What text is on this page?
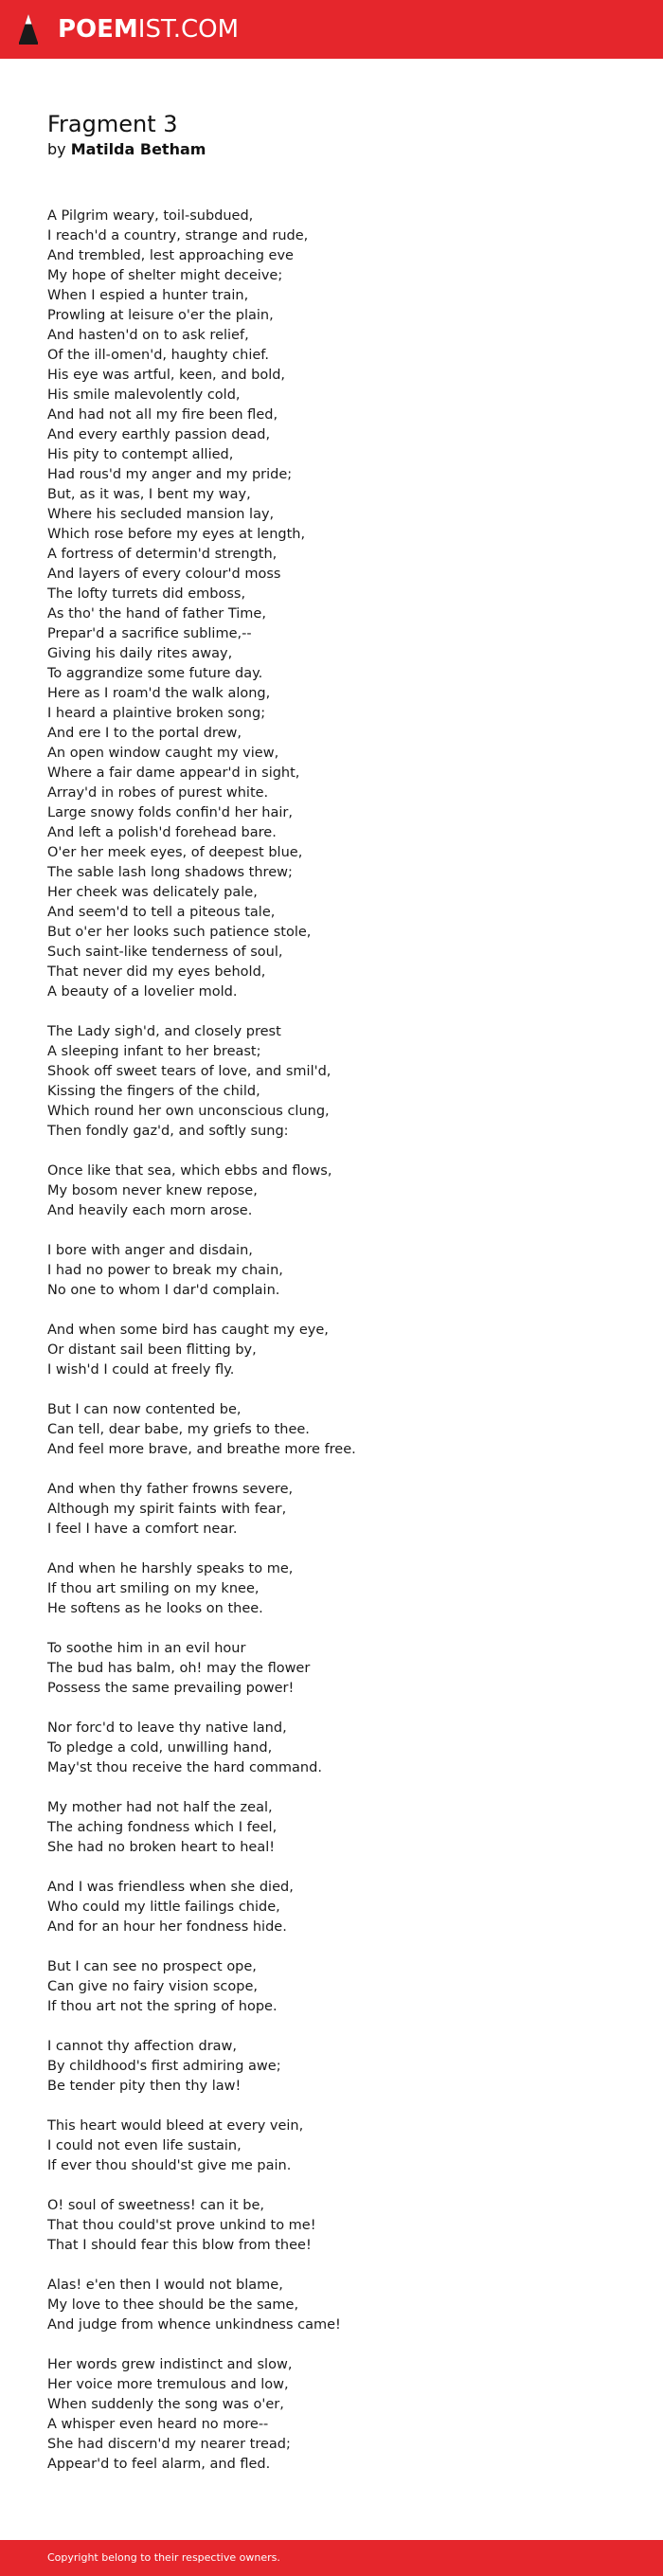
POEMIST.COM
Fragment 3
by Matilda Betham
A Pilgrim weary, toil-subdued,
I reach'd a country, strange and rude,
And trembled, lest approaching eve
My hope of shelter might deceive;
When I espied a hunter train,
Prowling at leisure o'er the plain,
And hasten'd on to ask relief,
Of the ill-omen'd, haughty chief.
His eye was artful, keen, and bold,
His smile malevolently cold,
And had not all my fire been fled,
And every earthly passion dead,
His pity to contempt allied,
Had rous'd my anger and my pride;
But, as it was, I bent my way,
Where his secluded mansion lay,
Which rose before my eyes at length,
A fortress of determin'd strength,
And layers of every colour'd moss
The lofty turrets did emboss,
As tho' the hand of father Time,
Prepar'd a sacrifice sublime,--
Giving his daily rites away,
To aggrandize some future day.
Here as I roam'd the walk along,
I heard a plaintive broken song;
And ere I to the portal drew,
An open window caught my view,
Where a fair dame appear'd in sight,
Array'd in robes of purest white.
Large snowy folds confin'd her hair,
And left a polish'd forehead bare.
O'er her meek eyes, of deepest blue,
The sable lash long shadows threw;
Her cheek was delicately pale,
And seem'd to tell a piteous tale,
But o'er her looks such patience stole,
Such saint-like tenderness of soul,
That never did my eyes behold,
A beauty of a lovelier mold.
The Lady sigh'd, and closely prest
A sleeping infant to her breast;
Shook off sweet tears of love, and smil'd,
Kissing the fingers of the child,
Which round her own unconscious clung,
Then fondly gaz'd, and softly sung:
Once like that sea, which ebbs and flows,
My bosom never knew repose,
And heavily each morn arose.
I bore with anger and disdain,
I had no power to break my chain,
No one to whom I dar'd complain.
And when some bird has caught my eye,
Or distant sail been flitting by,
I wish'd I could at freely fly.
But I can now contented be,
Can tell, dear babe, my griefs to thee.
And feel more brave, and breathe more free.
And when thy father frowns severe,
Although my spirit faints with fear,
I feel I have a comfort near.
And when he harshly speaks to me,
If thou art smiling on my knee,
He softens as he looks on thee.
To soothe him in an evil hour
The bud has balm, oh! may the flower
Possess the same prevailing power!
Nor forc'd to leave thy native land,
To pledge a cold, unwilling hand,
May'st thou receive the hard command.
My mother had not half the zeal,
The aching fondness which I feel,
She had no broken heart to heal!
And I was friendless when she died,
Who could my little failings chide,
And for an hour her fondness hide.
But I can see no prospect ope,
Can give no fairy vision scope,
If thou art not the spring of hope.
I cannot thy affection draw,
By childhood's first admiring awe;
Be tender pity then thy law!
This heart would bleed at every vein,
I could not even life sustain,
If ever thou should'st give me pain.
O! soul of sweetness! can it be,
That thou could'st prove unkind to me!
That I should fear this blow from thee!
Alas! e'en then I would not blame,
My love to thee should be the same,
And judge from whence unkindness came!
Her words grew indistinct and slow,
Her voice more tremulous and low,
When suddenly the song was o'er,
A whisper even heard no more--
She had discern'd my nearer tread;
Appear'd to feel alarm, and fled.
Copyright belong to their respective owners.
